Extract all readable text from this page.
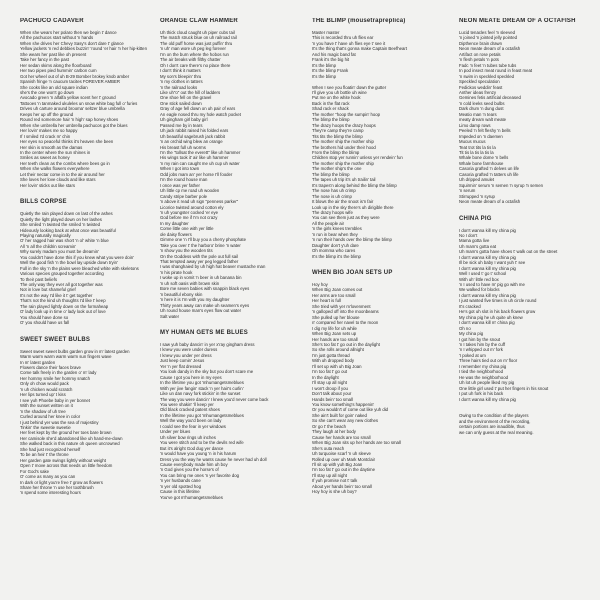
PACHUCO CADAVER
When she wears her polaro then we begin t' dance
All the pachucos start without 'n hands
When she drives her Chevy Sasy's don't dare t' glance
Yellow jackets 'n red debbies buzzin' 'round 'er hair 'n her hip-kitten
She wears her past like oh present
Take her fancy in the past
Her sedan skims along the floorboard
Her two pipes pied hummin' carbon cum
Got her wheel out of uh B-29 Bomber brokey knob amber
Spanish fringe 'n caucum tacites FOREVER AMBER
She cooks like an old square indian
she's the one won't go down
Avocado green 'n alfalfa yellow scent her t' ground
Tattooes 'n tanmaked ukuleles un snow white bag full o' furies
Drives uh carture around brooma' seltzer blue umbrella
Keeps her up off the ground
Round red somemore hair 'n high' sap honey shoes
When she umbrella her umbrella pachucos got the blues
Her lovin' makes me so happy
If I smiled I'd crack m' chin
Her eyes so peaceful thinks it's heaven she been
Her skin is smooth as the damas
In the center where the sun shines in
Smiles as sweet as honey
Her teeth clean as the combs where bees go in
When she walks flowers everywhere
Let their nectar come in to the air around her
She loves her love clouds and like stars
Her lovin' sticks out like stars
BILLS CORPSE
Quietly the rain played down on last of the ashes
Quietly the light played down on her lashes
She smiled 'n twisted the smiled 'n twisted
Hideously looking back at what once was beautiful
Playing naturally magically
O' her ragged hair was short 'n ol' white 'n blue
All 'n all the childrin screamin'
Why surely madam you must be dreamin'
You couldn't have done this if you knew what you were doin'
Well the good fish 'n the bowl lay upside down tryin'
Full in the sky 'n the plains were bleached white with skeletons
Various species grouped together according
To their past beliefs
The only way they ever all got together was
Not in love but shameful grief
It's not the way I'd like it t' get together
That's not the kind uh thoughts I'd like t' keep
The rain played lightly down on the formaheap
O' lady look up in time o' lady look out of love
You should have done so
O' you should have us fall
SWEET SWEET BULBS
Sweet sweet sweet bulbs garden grow in m' latest garden
Warm warm warm warm warm sun fingers wave
In m' latest garden
Flowers dance their faces brave
Come talk freely in the garden o' m' lady
Her hommy smile her hommy snatch
Only oh chow would pack
'n uh chicken would scratch
Her lips turned up' t kiss
I see yuh Phoebe baby in yer bonnet
With the sunset written on it
'n the shadow of uh tree
Curled around her knee in color
I just behind yer was the sea of majestiny
Tinkin' the sweetie sweetie
Her feet kept by the ground her toes bare brown
Her camisole she'd abandoned like uh hand-me-down
She walked back in this nature oh queen uncrowned
She had just recognized herself
To be an heir t' the throne
Her garden gate swings lightly without weight
Open t' move across that needs un little freedom
For God's sake
O' come as many as you can
In dark or light you're free t' grow as flowers
Share her throne 'n use her toothbrush
'n spend some interesting hours
ORANGE CLAW HAMMER
Uh thick cloud caught uh piper cubs tail
The match struck blue on uh railroad rail
The old puff horse was just puffin' thru
'n uh' man wore uh peg leg forever
I'm on the burn where the hobos run
The air breaks with filthy chatter
Oh I don't care there's no place there
I don't think it matters
My son's bleepin' thru
'n my clothes in tatters
'n the railroad looks
Like uh"o" out the hill of ladders
One shoe fell on the gravel
One stick sailed down
Gray of age fell down on uh pair of ears
An eagle nosed thru my hole watch pocket
Uh gingham girl baby girl
Passed me by in tears
Uh jack rabbit raised his folded ears
Uh beautiful sagebrush jack rabbit
'n an orchid wing blew an orange
His breast full uh worms
I'm the "tollsat the everett" like uh hammer
His wings took it' air like uh hammer
'n my rain can caught me uh cup uh water
When I got into town
Odd jobs mam an' yer horse I'll fooder
I'm the round house man
I once was yer father
Uh little cp me road uh wooden
Candy stripe barber pole
'n above it read uh sign "penness parker"
Licorice twisted around cotton ely
'n uh youngster cocked 'er eye
God before me if I'm not crazy
In my daughter
Come little one with yer little
ole daisy flowers
Gimme one 'n I'll buy you a cherry phosphate
Take you over t' the harboro' brine 'n water
'n show you the wooden tits
On the Goddess with the pole out full sail
That tempted away yer peg legged father
I was shanghaied by uh high hat beaver mustache man
'n his pirate hook
I woke up in vomit 'n beer in uh banana bin
'n uh soft oasis with brown skin
Bore me seven babies with snappin black eyes
'n beautiful ebony skin
'n here it is I'm with you my daughter
Thirty years away can make uh seamen's eyes
Uh round house man's eyes flow out water
Salt water
MY HUMAN GETS ME BLUES
I saw yuh baby dancin' in yer x'ray gingham dress
I knew you were under duress
I knew you under yer dress
Just keep comin' Jesus
Yer 'n yer flat dressed
You look dandy in the sky but you don't scare me
Cause I got you here in my eyes
In the lifetime you got 'mhumangetsmeblues
With yer jive fangin' stack 'n yer hair's curlin'
Like un dan navy fork stickin' in the sunset
The way you were dancin' I knew you'd never come back
You were shakin' 'll keep yer
Old black cracked patent shoes
In the lifetime you got 'mhumangetsmeblues
Well the way you'd been on lady
I could see the fear in yer windows
Under yer blues
Uh silver bow rings uh inches
You were stitch and to be the devils red wife
But it's alright God dug yer dance
'n would have you young 'n in his harum
Dress you the way he wants cause he never had uh doll
Cause everybody made him uh boy
'n God gives you the horse's of
You can bring me ones 'n yer favorite dog
'n yer husbands cane
'n yer old spotted hog
Cause in this lifetime
You've got m'humangetsmeblues
THE BLIMP (mousetrapreplica)
Master master
This is recorded thru uh flies ear
'n you have t' have uh flies eye t' see it
It's the thing that's gonna make Captain Beefheart
And his magic band fat
Frank it's the big hit
It's the blimp
It's the blimp Frank
It's the blimp

When I see you floatin' down the gutter
I'll give you uh bottle uh wine
Put me on the white hook
Back in the flat rack
Shad rack er shack
The mother "hoop the sumpin' hoop
The blimp the blimp
The drazy hoops the drazy hoops
They're camp they're camp
Tits tits the blimp the blimp
The mother ship the mother ship
The brothers hid under their hood
From the blimp the blimp
Children stop yer runnin' unless yer rendein' fun
The mother ship the mother ship
The mother ship's the one
The blimp the blimp
The tapes uh trip it's uh trailin' tail
It's trapes'n along behind the blimp the blimp
The nose has uh crimp
The nose is uh crimp
It blows the air the snoot is'n fair
Look up in the sky there's uh dirigible there
The drazy hoops wife
You can see them just as they were
All the people air
'n the girls knees trembles
'n run in bear when they
'n run their hands over the blimp the blimp
Daughter don't y'uh dare
Oh momma who cares
It's the blimp it's the blimp
WHEN BIG JOAN SETS UP
Hoy hoy
When Big Joan comes out
Her arms are too small
Her heart is full
She tried with yer m'lovenment
'n galloped off into the moonbeams
She pulled up her blouse
n' compared her navel to the moon
I dig my life for uh while
When Big Joan sets up
Her hands are too small
She's too fat t' go out in the daylight
So she rolls around allnight
I'm just gotta thread
With uh dropped body
I'll set up with uh Big Joan
I'm too fat t' go out
In the daylight
I'll stay up all night
I won't droop if you
Don't talk about your
Hands bein' too small
You know something's happenin'
Or you wouldn't of come out like yuh did
She ain't built for goin' naked
So she can't wear any new clothes
Or go t' the beach
They laugh at her body
Cause her hands are too small
When Big Joan sits up her hands are too small
She's outa reach
Uh turquoise scarf 'n uh sleeve
Rolled up over uh Mark Montclair
I'll sit up with yuh Big Joan
I'm too fat t' go out in the daytime
I'll stay up all night
If yuh promise not t' talk
About yer hands bein' too small
Hoy hoy is she uh boy?
NEON MEATE DREAM OF A OCTAFISH
Lucid tenacles feel 'n sleeved
'n joined 'n jointed jelly pointed
Dipthence brain drawn
Neon meate dream of a octafish
Artifact on rose petals
'n flesh petals 'n pots
Fadc 'n feet 'n tubes tube tubs
In pod insect meat round in feast meat
'n swim in speckled speckled
Speckled speculation
Fedickos weddin' feast
Anther ideas frenzy
Gemines fetis artificial deceased
'n cold leeks seed bulbs
Dark drum 'n dung dust
Meatio man 'n tears
meaty dream walt meate
Limo damp rows
Peeled 'n felt fleshy 'n bells
Impeded on 'n daemen
Mucus mucus
Teat trot tits la tis la
Tit tis la tis la tis la
Whale bone dome 'n bells
Whale bone farmhouse
Casoria grafted 'n delves un life
Casoria grafted 'n tatters uh life
Uh dripped amulet
Squirmin' serum 'n semen 'n syrup 'n semen
'n serum
Stirrupped 'n syrup
Neon meate dream of a octafish
CHINA PIG
I don't wanna kill my china pig
No I don't
Mama gotta live
Uh mam's gotta eat
Uh mam's gotta have shoes t' walk out on the street
I don't wanna kill my china pig
Ill be sick uh baby I want yuh t' see
I don't wanna kill my china pig
Well I used t' go t' school
With uh' little red box
'n I used to have m' pig go with me
We walked for blocks
I don't wanna kill my china pig
I just wanted five times in uh circle round
It's cracked
He's got uh slot in his back flowers grow
My china pig he uh quite uh knew
I don't wanna kill m' china pig
Oh no
My china pig
I got him by the snout
'n I takes him by the cuff
'n I whipped out m' fork
'I poked at um
Three hairs tied out on m' floor
I remember my china pig
I tied the neighborhood
He was the neighborhood
Uh lot uh people liked my pig
One little girl used t' put her fingers in his snout
I put uh fork in his back
I don't wanna kill my china pig
Owing to the condition of the players
and the environment of the recording,
certain portions are inaudible, thus
we can only guess at the real meaning.
